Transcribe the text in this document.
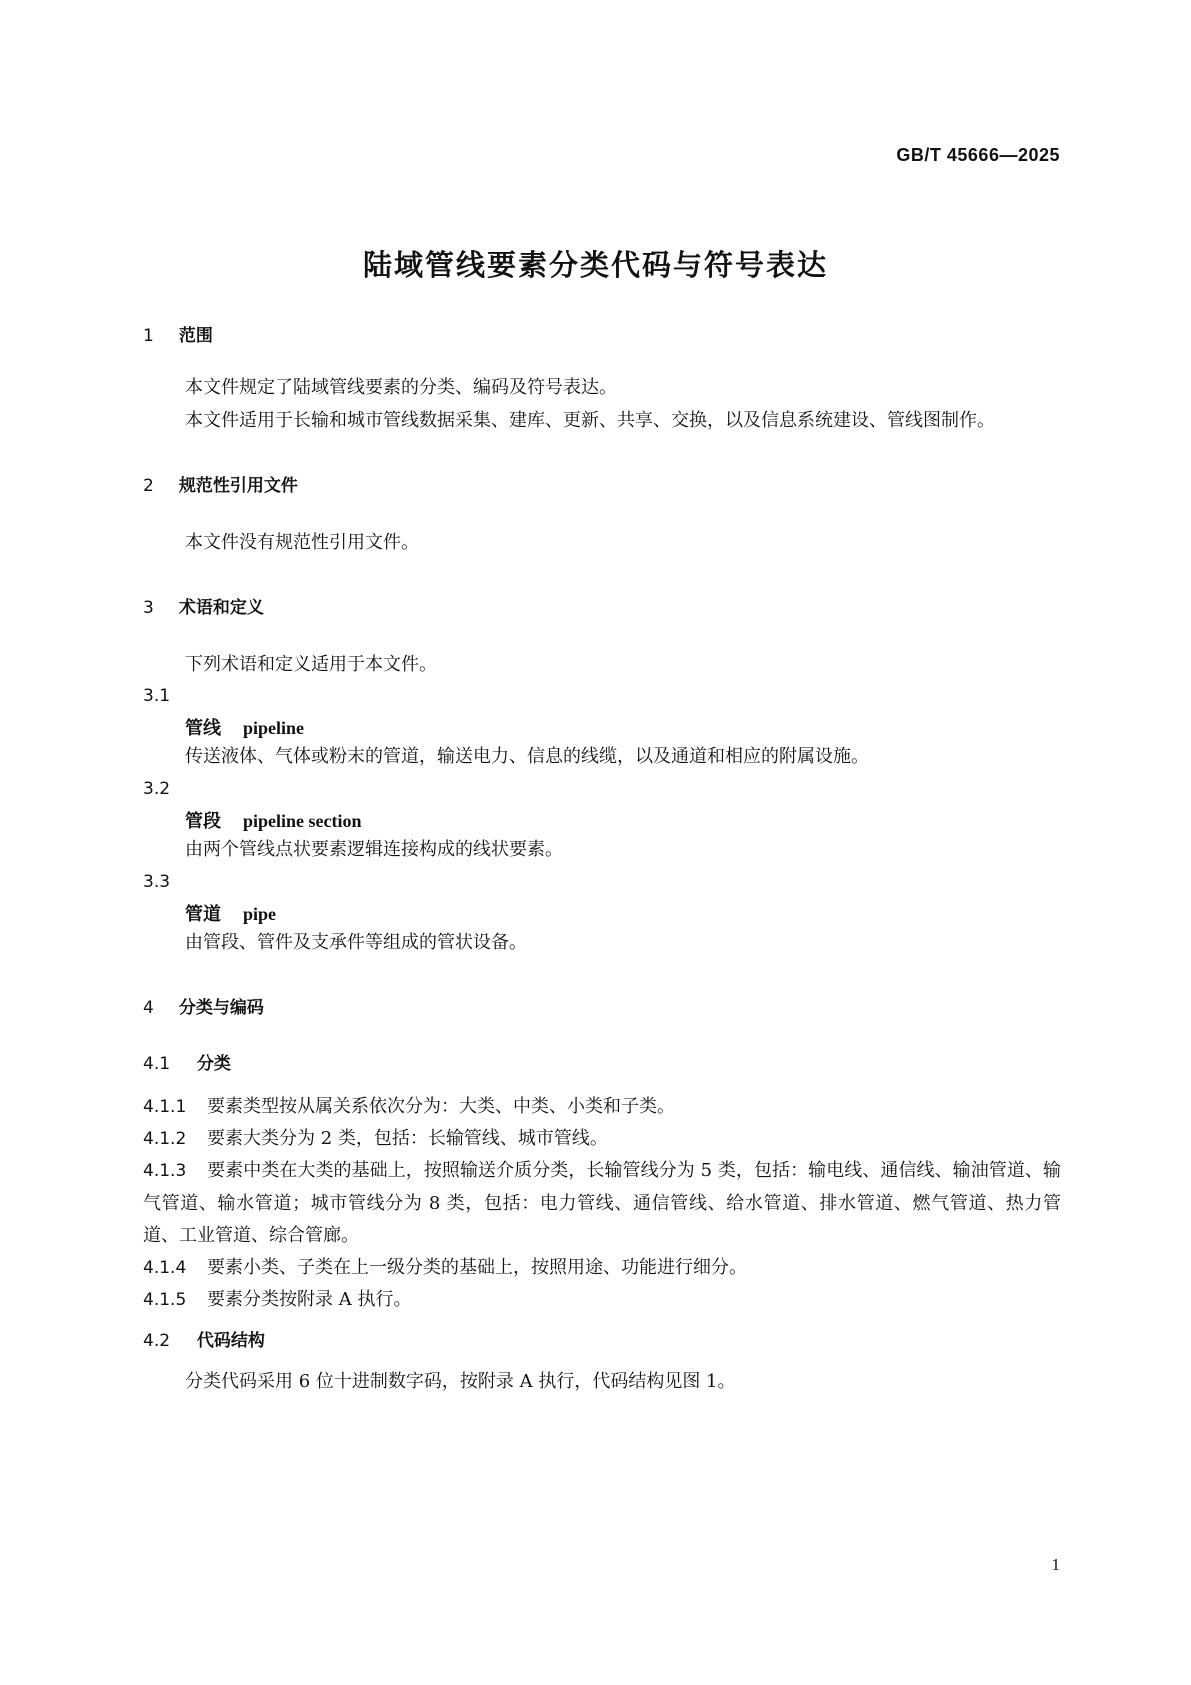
GB/T 45666—2025
陆域管线要素分类代码与符号表达
1 范围
本文件规定了陆域管线要素的分类、编码及符号表达。
本文件适用于长输和城市管线数据采集、建库、更新、共享、交换，以及信息系统建设、管线图制作。
2 规范性引用文件
本文件没有规范性引用文件。
3 术语和定义
下列术语和定义适用于本文件。
3.1
管线 pipeline
传送液体、气体或粉末的管道，输送电力、信息的线缆，以及通道和相应的附属设施。
3.2
管段 pipeline section
由两个管线点状要素逻辑连接构成的线状要素。
3.3
管道 pipe
由管段、管件及支承件等组成的管状设备。
4 分类与编码
4.1 分类
4.1.1 要素类型按从属关系依次分为：大类、中类、小类和子类。
4.1.2 要素大类分为 2 类，包括：长输管线、城市管线。
4.1.3 要素中类在大类的基础上，按照输送介质分类，长输管线分为 5 类，包括：输电线、通信线、输油管道、输气管道、输水管道；城市管线分为 8 类，包括：电力管线、通信管线、给水管道、排水管道、燃气管道、热力管道、工业管道、综合管廊。
4.1.4 要素小类、子类在上一级分类的基础上，按照用途、功能进行细分。
4.1.5 要素分类按附录 A 执行。
4.2 代码结构
分类代码采用 6 位十进制数字码，按附录 A 执行，代码结构见图 1。
1
